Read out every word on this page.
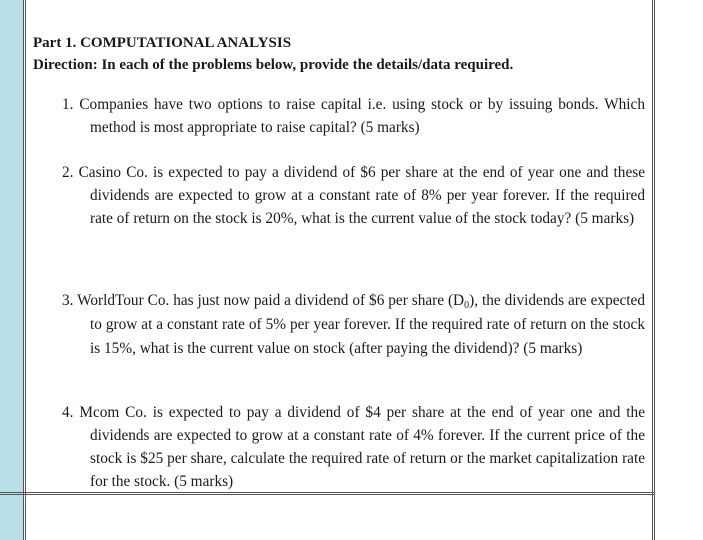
Part 1. COMPUTATIONAL ANALYSIS
Direction: In each of the problems below, provide the details/data required.
1. Companies have two options to raise capital i.e. using stock or by issuing bonds. Which method is most appropriate to raise capital? (5 marks)
2. Casino Co. is expected to pay a dividend of $6 per share at the end of year one and these dividends are expected to grow at a constant rate of 8% per year forever. If the required rate of return on the stock is 20%, what is the current value of the stock today? (5 marks)
3. WorldTour Co. has just now paid a dividend of $6 per share $(D_0)$, the dividends are expected to grow at a constant rate of 5% per year forever. If the required rate of return on the stock is 15%, what is the current value on stock (after paying the dividend)? (5 marks)
4. Mcom Co. is expected to pay a dividend of $4 per share at the end of year one and the dividends are expected to grow at a constant rate of 4% forever. If the current price of the stock is $25 per share, calculate the required rate of return or the market capitalization rate for the stock. (5 marks)
